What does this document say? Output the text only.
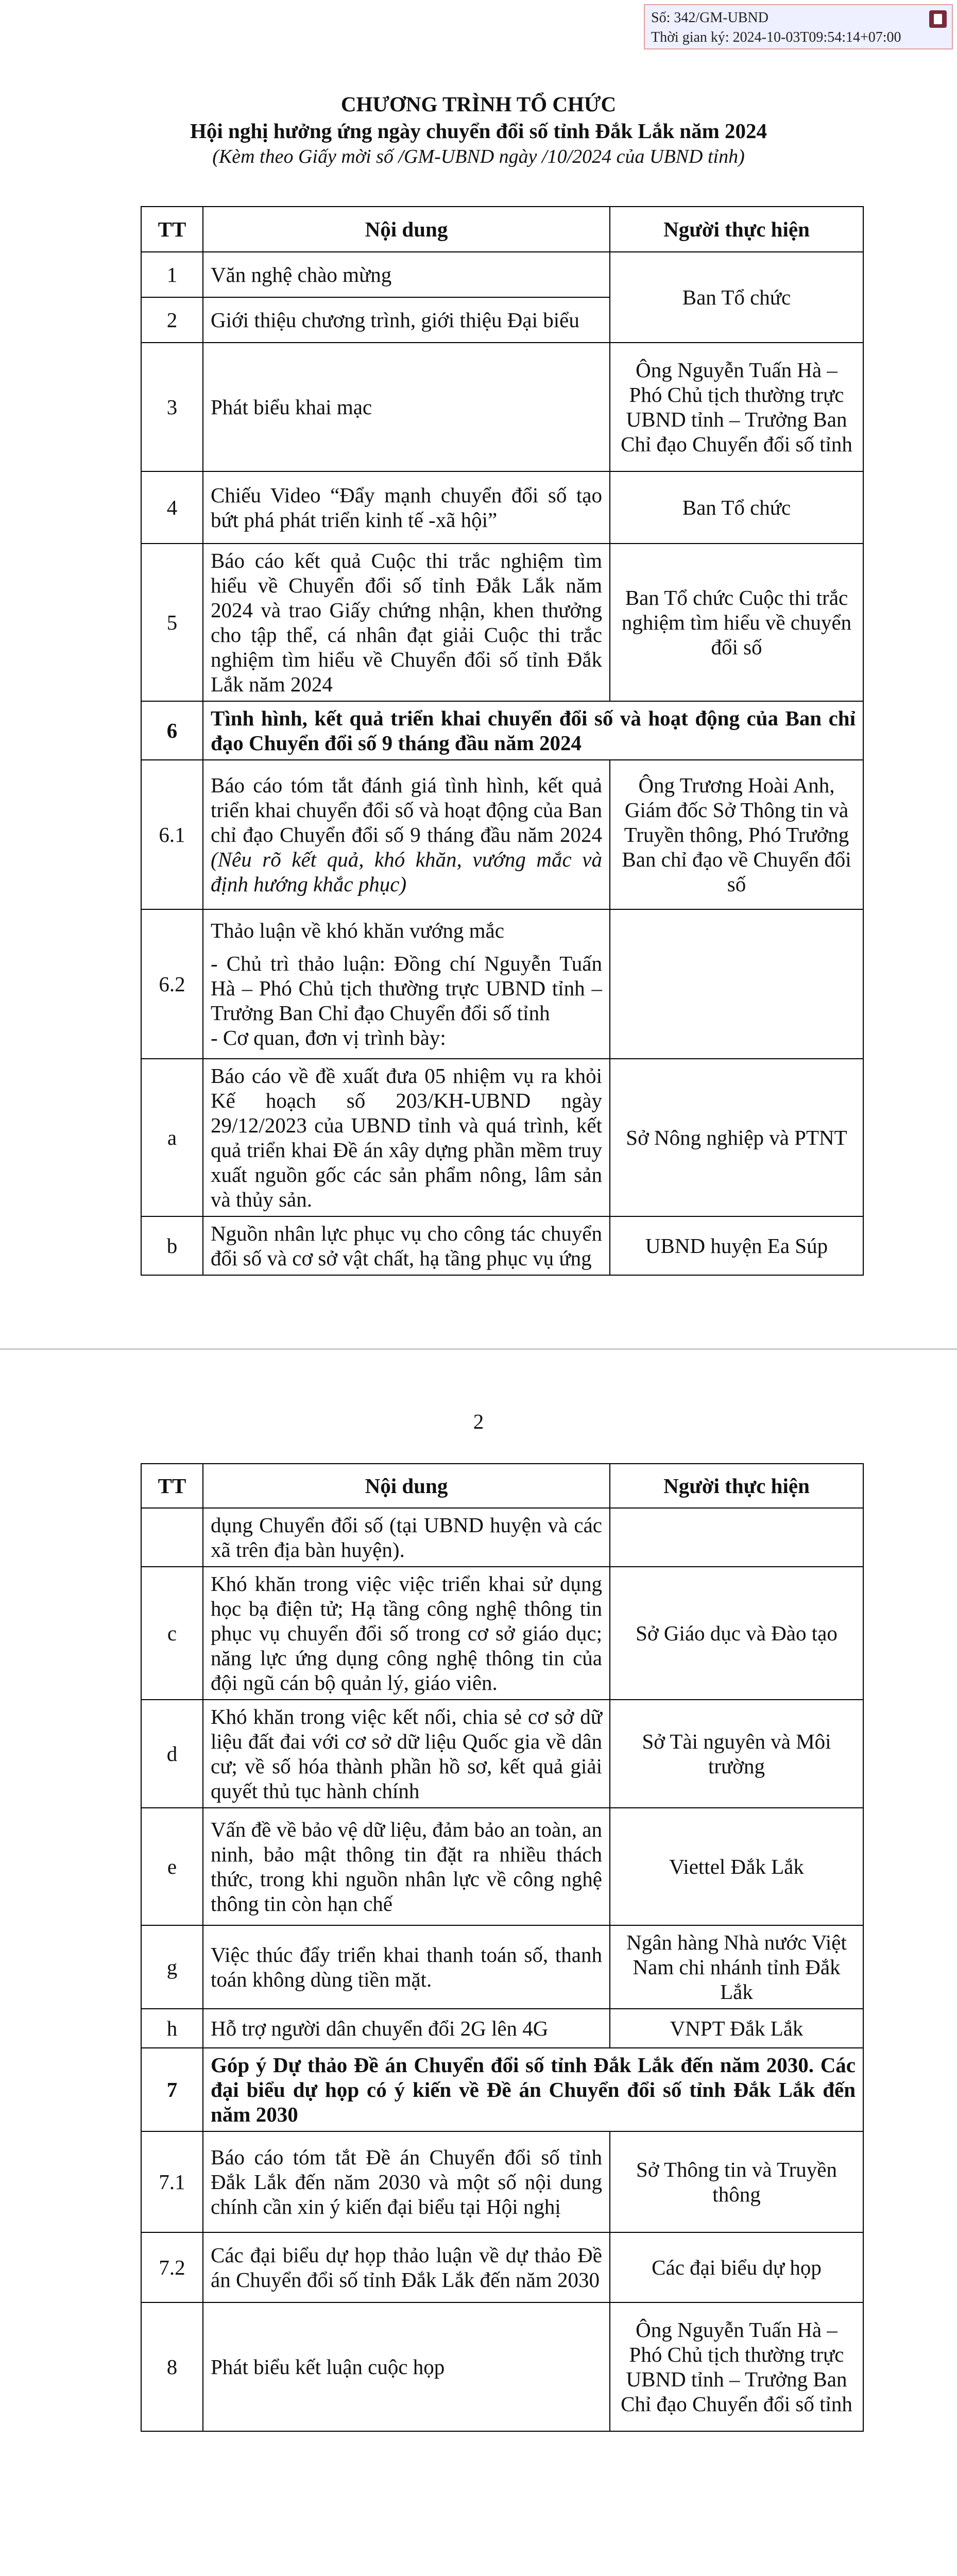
Số: 342/GM-UBND
Thời gian ký: 2024-10-03T09:54:14+07:00
CHƯƠNG TRÌNH TỔ CHỨC
Hội nghị hưởng ứng ngày chuyển đổi số tỉnh Đắk Lắk năm 2024
(Kèm theo Giấy mời số /GM-UBND ngày /10/2024 của UBND tỉnh)
TT	Nội dung	Người thực hiện
1	Văn nghệ chào mừng	Ban Tổ chức
2	Giới thiệu chương trình, giới thiệu Đại biểu	
3	Phát biểu khai mạc	Ông Nguyễn Tuấn Hà – Phó Chủ tịch thường trực UBND tỉnh – Trưởng Ban Chỉ đạo Chuyển đổi số tỉnh
4	Chiếu Video “Đẩy mạnh chuyển đổi số tạo bứt phá phát triển kinh tế -xã hội”	Ban Tổ chức
5	Báo cáo kết quả Cuộc thi trắc nghiệm tìm hiểu về Chuyển đổi số tỉnh Đắk Lắk năm 2024 và trao Giấy chứng nhận, khen thưởng cho tập thể, cá nhân đạt giải Cuộc thi trắc nghiệm tìm hiểu về Chuyển đổi số tỉnh Đắk Lắk năm 2024	Ban Tổ chức Cuộc thi trắc nghiệm tìm hiểu về chuyển đổi số
6	Tình hình, kết quả triển khai chuyển đổi số và hoạt động của Ban chỉ đạo Chuyển đổi số 9 tháng đầu năm 2024	
6.1	Báo cáo tóm tắt đánh giá tình hình, kết quả triển khai chuyển đổi số và hoạt động của Ban chỉ đạo Chuyển đổi số 9 tháng đầu năm 2024 (Nêu rõ kết quả, khó khăn, vướng mắc và định hướng khắc phục)	Ông Trương Hoài Anh, Giám đốc Sở Thông tin và Truyền thông, Phó Trưởng Ban chỉ đạo về Chuyển đổi số
6.2	Thảo luận về khó khăn vướng mắc
- Chủ trì thảo luận: Đồng chí Nguyễn Tuấn Hà – Phó Chủ tịch thường trực UBND tỉnh – Trưởng Ban Chỉ đạo Chuyển đổi số tỉnh
- Cơ quan, đơn vị trình bày:	

a	Báo cáo về đề xuất đưa 05 nhiệm vụ ra khỏi Kế hoạch số 203/KH-UBND ngày 29/12/2023 của UBND tỉnh và quá trình, kết quả triển khai Đề án xây dựng phần mềm truy xuất nguồn gốc các sản phẩm nông, lâm sản và thủy sản.	Sở Nông nghiệp và PTNT
b	Nguồn nhân lực phục vụ cho công tác chuyển đổi số và cơ sở vật chất, hạ tầng phục vụ ứng	UBND huyện Ea Súp
2
TT	Nội dung	Người thực hiện
	dụng Chuyển đổi số (tại UBND huyện và các xã trên địa bàn huyện).	
c	Khó khăn trong việc việc triển khai sử dụng học bạ điện tử; Hạ tầng công nghệ thông tin phục vụ chuyển đổi số trong cơ sở giáo dục; năng lực ứng dụng công nghệ thông tin của đội ngũ cán bộ quản lý, giáo viên.	Sở Giáo dục và Đào tạo
d	Khó khăn trong việc kết nối, chia sẻ cơ sở dữ liệu đất đai với cơ sở dữ liệu Quốc gia về dân cư; về số hóa thành phần hồ sơ, kết quả giải quyết thủ tục hành chính	Sở Tài nguyên và Môi trường
e	Vấn đề về bảo vệ dữ liệu, đảm bảo an toàn, an ninh, bảo mật thông tin đặt ra nhiều thách thức, trong khi nguồn nhân lực về công nghệ thông tin còn hạn chế	Viettel Đắk Lắk
g	Việc thúc đẩy triển khai thanh toán số, thanh toán không dùng tiền mặt.	Ngân hàng Nhà nước Việt Nam chi nhánh tỉnh Đắk Lắk
h	Hỗ trợ người dân chuyển đổi 2G lên 4G	VNPT Đắk Lắk
7	Góp ý Dự thảo Đề án Chuyển đổi số tỉnh Đắk Lắk đến năm 2030. Các đại biểu dự họp có ý kiến về Đề án Chuyển đổi số tỉnh Đắk Lắk đến năm 2030	
7.1	Báo cáo tóm tắt Đề án Chuyển đổi số tỉnh Đắk Lắk đến năm 2030 và một số nội dung chính cần xin ý kiến đại biểu tại Hội nghị	Sở Thông tin và Truyền thông
7.2	Các đại biểu dự họp thảo luận về dự thảo Đề án Chuyển đổi số tỉnh Đắk Lắk đến năm 2030	Các đại biểu dự họp
8	Phát biểu kết luận cuộc họp	Ông Nguyễn Tuấn Hà – Phó Chủ tịch thường trực UBND tỉnh – Trưởng Ban Chỉ đạo Chuyển đổi số tỉnh
